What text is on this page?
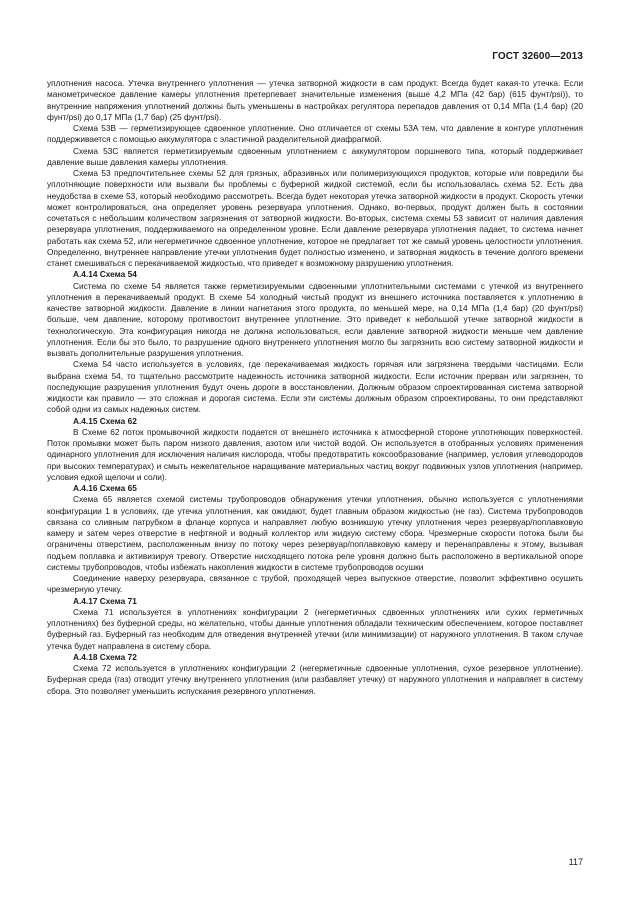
ГОСТ 32600—2013

уплотнения насоса. Утечка внутреннего уплотнения — утечка затворной жидкости в сам продукт. Всегда будет какая-то утечка. Если манометрическое давление камеры уплотнения претерпевает значительные изменения (выше 4,2 МПа (42 бар) (615 фунт/psi)), то внутренние напряжения уплотнений должны быть уменьшены в настройках регулятора перепадов давления от 0,14 МПа (1,4 бар) (20 фунт/psi) до 0,17 МПа (1,7 бар) (25 фунт/psi).

Схема 53B — герметизирующее сдвоенное уплотнение. Оно отличается от схемы 53A тем, что давление в контуре уплотнения поддерживается с помощью аккумулятора с эластичной разделительной диафрагмой.

Схема 53C является герметизируемым сдвоенным уплотнением с аккумулятором поршневого типа, который поддерживает давление выше давления камеры уплотнения.

Схема 53 предпочтительнее схемы 52 для грязных, абразивных или полимеризующихся продуктов, которые или повредили бы уплотняющие поверхности или вызвали бы проблемы с буферной жидкой системой, если бы использовалась схема 52. Есть два неудобства в схеме 53, который необходимо рассмотреть. Всегда будет некоторая утечка затворной жидкости в продукт. Скорость утечки может контролироваться, она определяет уровень резервуара уплотнения. Однако, во-первых, продукт должен быть в состоянии сочетаться с небольшим количеством загрязнения от затворной жидкости. Во-вторых, система схемы 53 зависит от наличия давления резервуара уплотнения, поддерживаемого на определенном уровне. Если давление резервуара уплотнения падает, то система начнет работать как схема 52, или негерметичное сдвоенное уплотнение, которое не предлагает тот же самый уровень целостности уплотнения. Определенно, внутреннее направление утечки уплотнения будет полностью изменено, и затворная жидкость в течение долгого времени станет смешиваться с перекачиваемой жидкостью, что приведет к возможному разрушению уплотнения.

А.4.14 Схема 54

Система по схеме 54 является также герметизируемыми сдвоенными уплотнительными системами с утечкой из внутреннего уплотнения в перекачиваемый продукт. В схеме 54 холодный чистый продукт из внешнего источника поставляется к уплотнению в качестве затворной жидкости. Давление в линии нагнетания этого продукта, по меньшей мере, на 0,14 МПа (1,4 бар) (20 фунт/psi) больше, чем давление, которому противостоит внутреннее уплотнение. Это приведет к небольшой утечке затворной жидкости в технологическую. Эта конфигурация никогда не должна использоваться, если давление затворной жидкости меньше чем давление уплотнения. Если бы это было, то разрушение одного внутреннего уплотнения могло бы загрязнить всю систему затворной жидкости и вызвать дополнительные разрушения уплотнения.

Схема 54 часто используется в условиях, где перекачиваемая жидкость горячая или загрязнена твердыми частицами. Если выбрана схема 54, то тщательно рассмотрите надежность источника затворной жидкости. Если источник прерван или загрязнен, то последующие разрушения уплотнения будут очень дороги в восстановлении. Должным образом спроектированная система затворной жидкости как правило — это сложная и дорогая система. Если эти системы должным образом спроектированы, то они представляют собой одни из самых надежных систем.

А.4.15 Схема 62

В Схеме 62 поток промывочной жидкости подается от внешнего источника к атмосферной стороне уплотняющих поверхностей. Поток промывки может быть паром низкого давления, азотом или чистой водой. Он используется в отобранных условиях применения одинарного уплотнения для исключения наличия кислорода, чтобы предотвратить коксообразование (например, условия углеводородов при высоких температурах) и смыть нежелательное наращивание материальных частиц вокруг подвижных узлов уплотнения (например, условия едкой щелочи и соли).

А.4.16 Схема 65

Схема 65 является схемой системы трубопроводов обнаружения утечки уплотнения, обычно используется с уплотнениями конфигурации 1 в условиях, где утечка уплотнения, как ожидают, будет главным образом жидкостью (не газ). Система трубопроводов связана со сливным патрубком в фланце корпуса и направляет любую возникшую утечку уплотнения через резервуар/поплавковую камеру и затем через отверстие в нефтяной и водный коллектор или жидкую систему сбора. Чрезмерные скорости потока были бы ограничены отверстием, расположенным внизу по потоку через резервуар/поплавковую камеру и перенаправлены к этому, вызывая подъем поплавка и активизируя тревогу. Отверстие нисходящего потока реле уровня должно быть расположено в вертикальной опоре системы трубопроводов, чтобы избежать накопления жидкости в системе трубопроводов осушки

Соединение наверху резервуара, связанное с трубой, проходящей через выпускное отверстие, позволит эффективно осушить чрезмерную утечку.

А.4.17 Схема 71

Схема 71 используется в уплотнениях конфигурации 2 (негерметичных сдвоенных уплотнениях или сухих герметичных уплотнениях) без буферной среды, но желательно, чтобы данные уплотнения обладали техническим обеспечением, которое поставляет буферный газ. Буферный газ необходим для отведения внутренней утечки (или минимизации) от наружного уплотнения. В таком случае утечка будет направлена в систему сбора.

А.4.18 Схема 72

Схема 72 используется в уплотнениях конфигурации 2 (негерметичные сдвоенные уплотнения, сухое резервное уплотнение). Буферная среда (газ) отводит утечку внутреннего уплотнения (или разбавляет утечку) от наружного уплотнения и направляет в систему сбора. Это позволяет уменьшить испускания резервного уплотнения.

117
